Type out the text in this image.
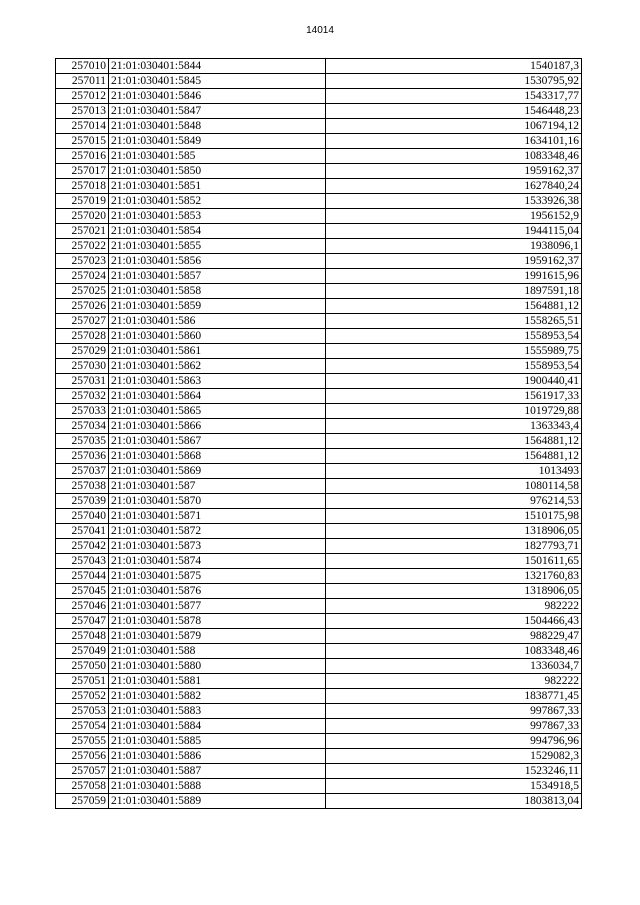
14014
257010	21:01:030401:5844	1540187,3
257011	21:01:030401:5845	1530795,92
257012	21:01:030401:5846	1543317,77
257013	21:01:030401:5847	1546448,23
257014	21:01:030401:5848	1067194,12
257015	21:01:030401:5849	1634101,16
257016	21:01:030401:585	1083348,46
257017	21:01:030401:5850	1959162,37
257018	21:01:030401:5851	1627840,24
257019	21:01:030401:5852	1533926,38
257020	21:01:030401:5853	1956152,9
257021	21:01:030401:5854	1944115,04
257022	21:01:030401:5855	1938096,1
257023	21:01:030401:5856	1959162,37
257024	21:01:030401:5857	1991615,96
257025	21:01:030401:5858	1897591,18
257026	21:01:030401:5859	1564881,12
257027	21:01:030401:586	1558265,51
257028	21:01:030401:5860	1558953,54
257029	21:01:030401:5861	1555989,75
257030	21:01:030401:5862	1558953,54
257031	21:01:030401:5863	1900440,41
257032	21:01:030401:5864	1561917,33
257033	21:01:030401:5865	1019729,88
257034	21:01:030401:5866	1363343,4
257035	21:01:030401:5867	1564881,12
257036	21:01:030401:5868	1564881,12
257037	21:01:030401:5869	1013493
257038	21:01:030401:587	1080114,58
257039	21:01:030401:5870	976214,53
257040	21:01:030401:5871	1510175,98
257041	21:01:030401:5872	1318906,05
257042	21:01:030401:5873	1827793,71
257043	21:01:030401:5874	1501611,65
257044	21:01:030401:5875	1321760,83
257045	21:01:030401:5876	1318906,05
257046	21:01:030401:5877	982222
257047	21:01:030401:5878	1504466,43
257048	21:01:030401:5879	988229,47
257049	21:01:030401:588	1083348,46
257050	21:01:030401:5880	1336034,7
257051	21:01:030401:5881	982222
257052	21:01:030401:5882	1838771,45
257053	21:01:030401:5883	997867,33
257054	21:01:030401:5884	997867,33
257055	21:01:030401:5885	994796,96
257056	21:01:030401:5886	1529082,3
257057	21:01:030401:5887	1523246,11
257058	21:01:030401:5888	1534918,5
257059	21:01:030401:5889	1803813,04
